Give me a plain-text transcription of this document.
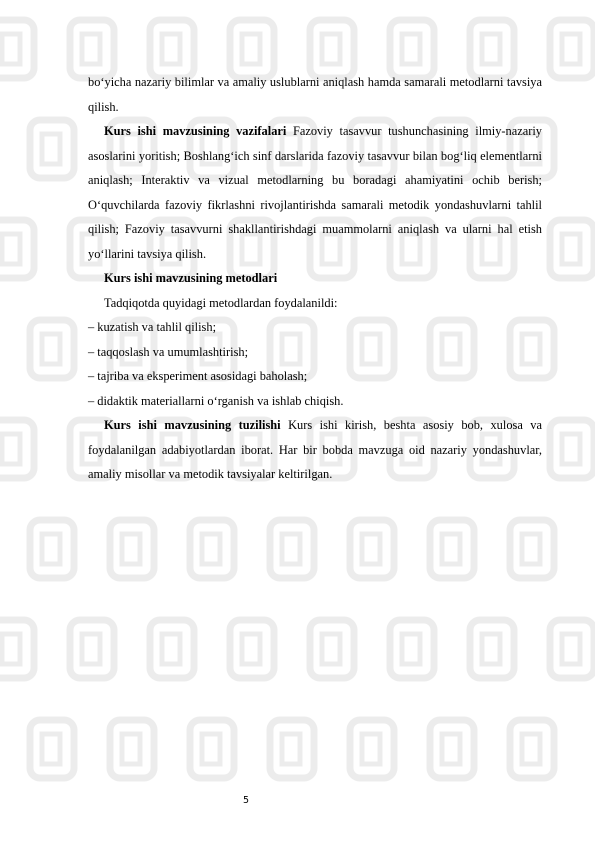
bo‘yicha nazariy bilimlar va amaliy uslublarni aniqlash hamda samarali metodlarni tavsiya qilish.

Kurs ishi mavzusining vazifalari Fazoviy tasavvur tushunchasining ilmiy-nazariy asoslarini yoritish; Boshlang‘ich sinf darslarida fazoviy tasavvur bilan bog‘liq elementlarni aniqlash; Interaktiv va vizual metodlarning bu boradagi ahamiyatini ochib berish; O‘quvchilarda fazoviy fikrlashni rivojlantirishda samarali metodik yondashuvlarni tahlil qilish; Fazoviy tasavvurni shakllantirishdagi muammolarni aniqlash va ularni hal etish yo‘llarini tavsiya qilish.

Kurs ishi mavzusining metodlari

Tadqiqotda quyidagi metodlardan foydalanildi:

– kuzatish va tahlil qilish;

– taqqoslash va umumlashtirish;

– tajriba va eksperiment asosidagi baholash;

– didaktik materiallarni o‘rganish va ishlab chiqish.

Kurs ishi mavzusining tuzilishi Kurs ishi kirish, beshta asosiy bob, xulosa va foydalanilgan adabiyotlardan iborat. Har bir bobda mavzuga oid nazariy yondashuvlar, amaliy misollar va metodik tavsiyalar keltirilgan.

5
